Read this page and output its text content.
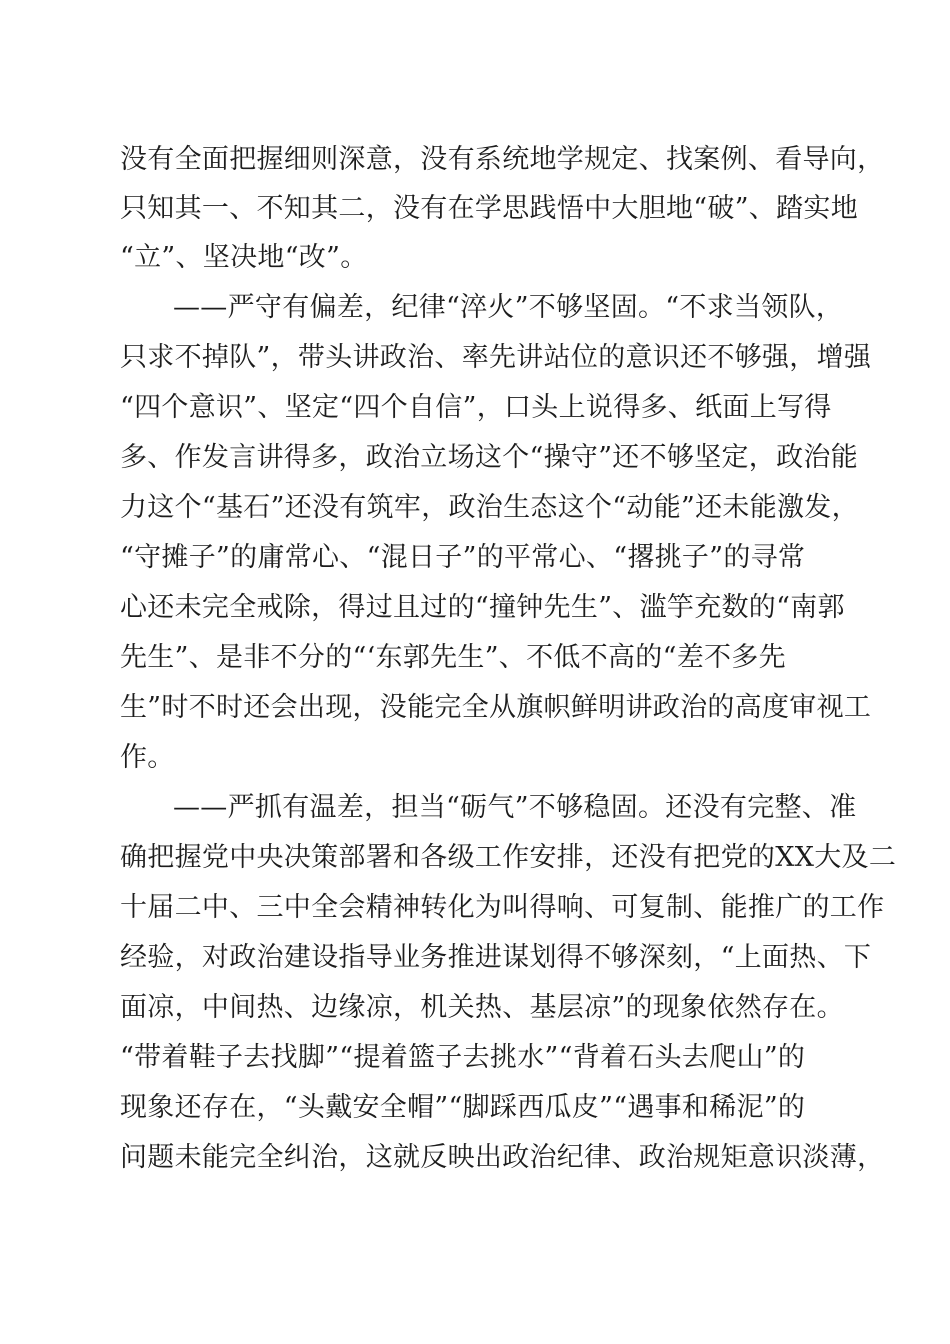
没有全面把握细则深意，没有系统地学规定、找案例、看导向，

只知其一、不知其二，没有在学思践悟中大胆地“破”、踏实地

“立”、坚决地“改”。

——严守有偏差，纪律“淬火”不够坚固。“不求当领队，

只求不掉队”，带头讲政治、率先讲站位的意识还不够强，增强

“四个意识”、坚定“四个自信”，口头上说得多、纸面上写得

多、作发言讲得多，政治立场这个“操守”还不够坚定，政治能

力这个“基石”还没有筑牢，政治生态这个“动能”还未能激发，

“守摊子”的庸常心、“混日子”的平常心、“撂挑子”的寻常

心还未完全戒除，得过且过的“撞钟先生”、滥竽充数的“南郭

先生”、是非不分的“‘东郭先生”、不低不高的“差不多先

生”时不时还会出现，没能完全从旗帜鲜明讲政治的高度审视工

作。

——严抓有温差，担当“砺气”不够稳固。还没有完整、准

确把握党中央决策部署和各级工作安排，还没有把党的XX大及二

十届二中、三中全会精神转化为叫得响、可复制、能推广的工作

经验，对政治建设指导业务推进谋划得不够深刻，“上面热、下

面凉，中间热、边缘凉，机关热、基层凉”的现象依然存在。

“带着鞋子去找脚”“提着篮子去挑水”“背着石头去爬山”的

现象还存在，“头戴安全帽”“脚踩西瓜皮”“遇事和稀泥”的

问题未能完全纠治，这就反映出政治纪律、政治规矩意识淡薄，
